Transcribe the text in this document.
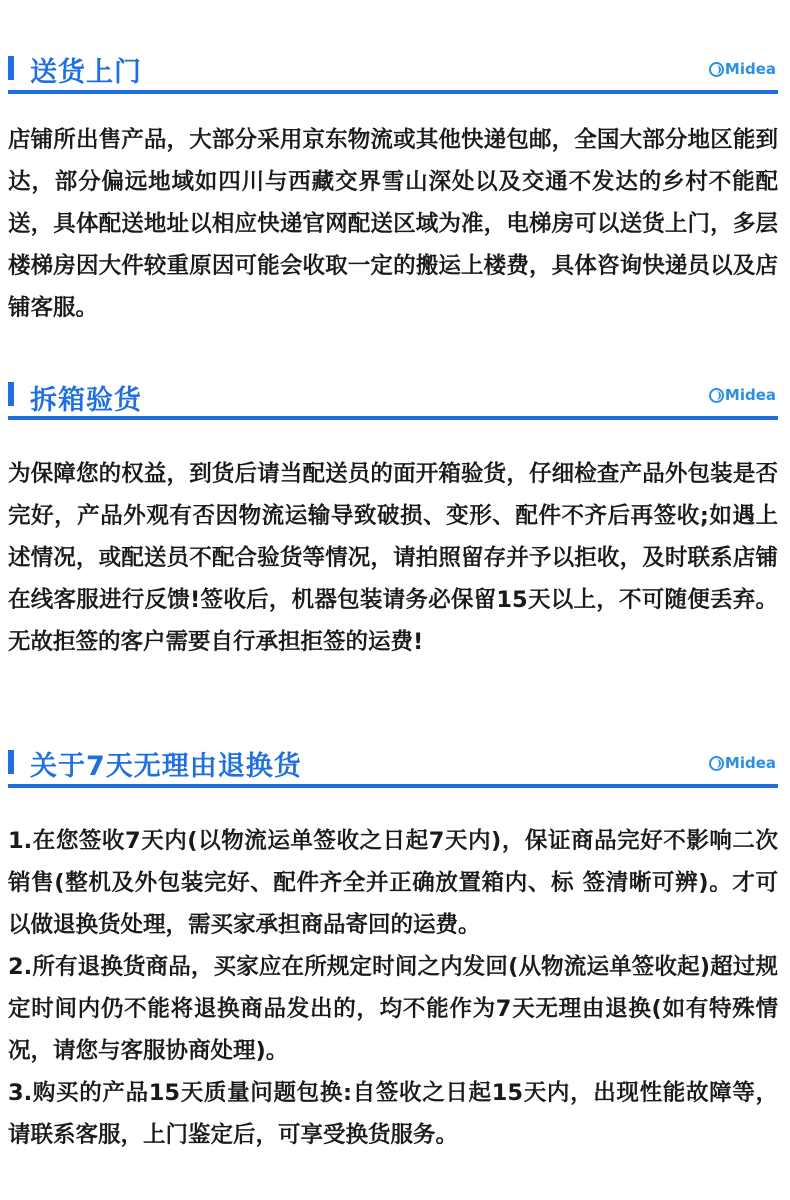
送货上门	Midea

店铺所出售产品，大部分采用京东物流或其他快递包邮，全国大部分地区能到达，部分偏远地域如四川与西藏交界雪山深处以及交通不发达的乡村不能配送，具体配送地址以相应快递官网配送区域为准，电梯房可以送货上门，多层楼梯房因大件较重原因可能会收取一定的搬运上楼费，具体咨询快递员以及店铺客服。

拆箱验货	Midea

为保障您的权益，到货后请当配送员的面开箱验货，仔细检查产品外包装是否完好，产品外观有否因物流运输导致破损、变形、配件不齐后再签收;如遇上述情况，或配送员不配合验货等情况，请拍照留存并予以拒收，及时联系店铺在线客服进行反馈!签收后，机器包装请务必保留15天以上，不可随便丢弃。无故拒签的客户需要自行承担拒签的运费!

关于7天无理由退换货	Midea

1.在您签收7天内(以物流运单签收之日起7天内)，保证商品完好不影响二次销售(整机及外包装完好、配件齐全并正确放置箱内、标 签清晰可辨)。才可以做退换货处理，需买家承担商品寄回的运费。

2.所有退换货商品，买家应在所规定时间之内发回(从物流运单签收起)超过规定时间内仍不能将退换商品发出的，均不能作为7天无理由退换(如有特殊情况，请您与客服协商处理)。

3.购买的产品15天质量问题包换:自签收之日起15天内，出现性能故障等，请联系客服，上门鉴定后，可享受换货服务。
